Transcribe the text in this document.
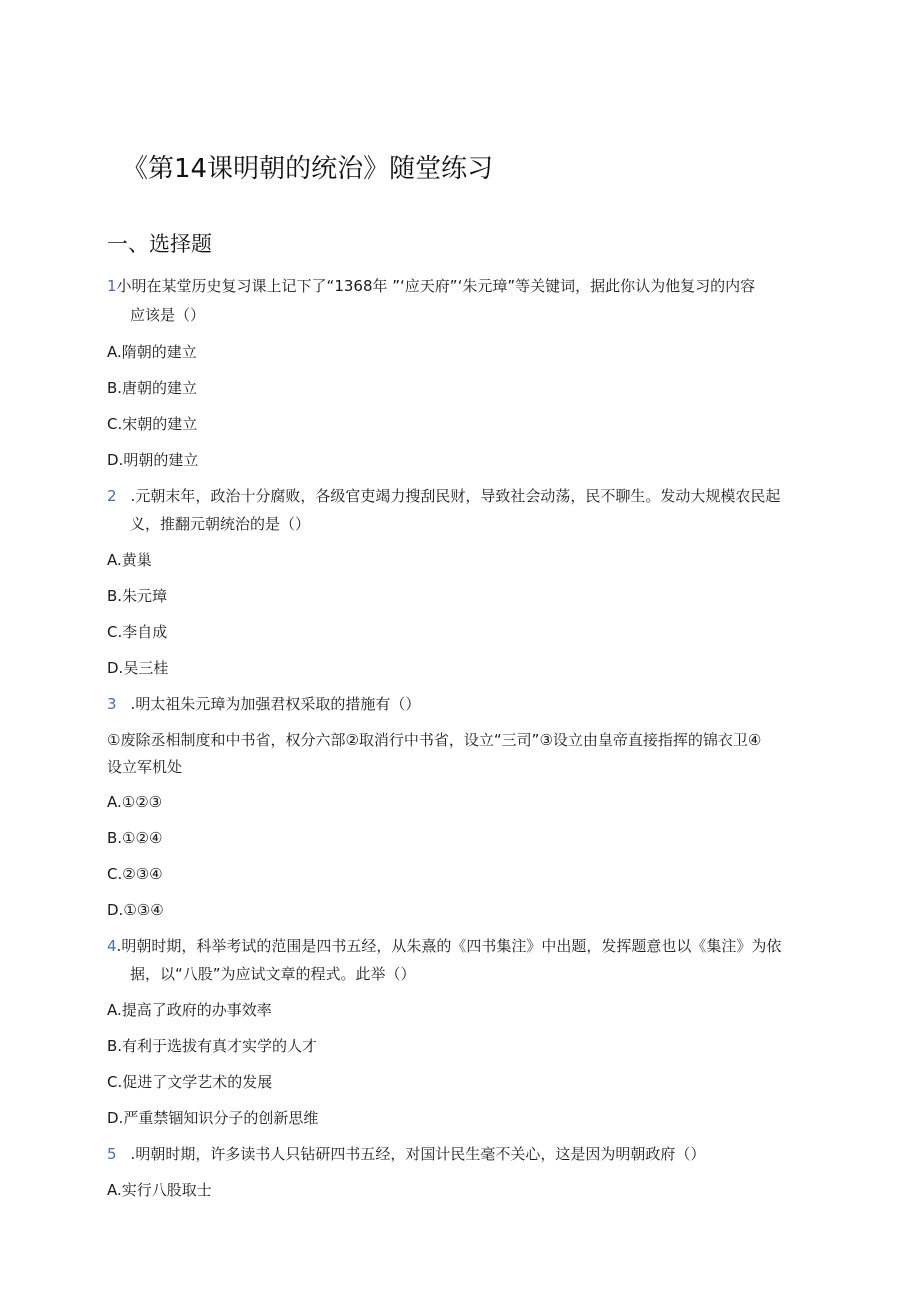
《第14课明朝的统治》随堂练习
一、选择题
1小明在某堂历史复习课上记下了“1368年 ”‘应天府”‘朱元璋”等关键词，据此你认为他复习的内容
应该是（）
A.隋朝的建立
B.唐朝的建立
C.宋朝的建立
D.明朝的建立
2 .元朝末年，政治十分腐败，各级官吏竭力搜刮民财，导致社会动荡，民不聊生。发动大规模农民起
义，推翻元朝统治的是（）
A.黄巢
B.朱元璋
C.李自成
D.吴三桂
3 .明太祖朱元璋为加强君权采取的措施有（）
①废除丞相制度和中书省，权分六部②取消行中书省，设立“三司”③设立由皇帝直接指挥的锦衣卫④
设立军机处
A.①②③
B.①②④
C.②③④
D.①③④
4.明朝时期，科举考试的范围是四书五经，从朱熹的《四书集注》中出题，发挥题意也以《集注》为依
据，以“八股”为应试文章的程式。此举（）
A.提高了政府的办事效率
B.有利于选拔有真才实学的人才
C.促进了文学艺术的发展
D.严重禁锢知识分子的创新思维
5 .明朝时期，许多读书人只钻研四书五经，对国计民生毫不关心，这是因为明朝政府（）
A.实行八股取士
